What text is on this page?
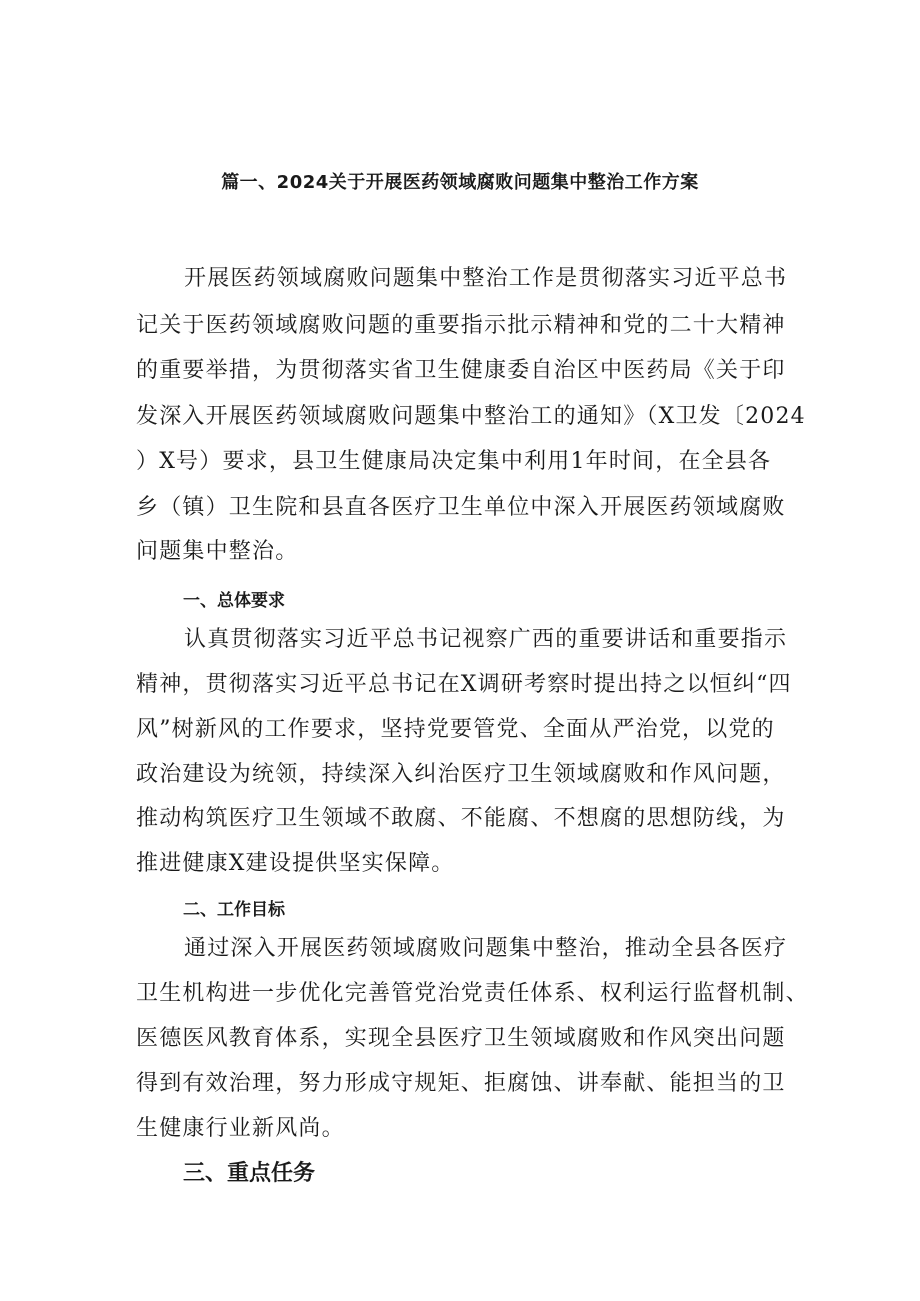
篇一、2024关于开展医药领域腐败问题集中整治工作方案
开展医药领域腐败问题集中整治工作是贯彻落实习近平总书
记关于医药领域腐败问题的重要指示批示精神和党的二十大精神
的重要举措，为贯彻落实省卫生健康委自治区中医药局《关于印
发深入开展医药领域腐败问题集中整治工的通知》（X卫发〔2024
）X号）要求，县卫生健康局决定集中利用1年时间，在全县各
乡（镇）卫生院和县直各医疗卫生单位中深入开展医药领域腐败
问题集中整治。
一、总体要求
认真贯彻落实习近平总书记视察广西的重要讲话和重要指示
精神，贯彻落实习近平总书记在X调研考察时提出持之以恒纠“四
风”树新风的工作要求，坚持党要管党、全面从严治党，以党的
政治建设为统领，持续深入纠治医疗卫生领域腐败和作风问题，
推动构筑医疗卫生领域不敢腐、不能腐、不想腐的思想防线，为
推进健康X建设提供坚实保障。
二、工作目标
通过深入开展医药领域腐败问题集中整治，推动全县各医疗
卫生机构进一步优化完善管党治党责任体系、权利运行监督机制、
医德医风教育体系，实现全县医疗卫生领域腐败和作风突出问题
得到有效治理，努力形成守规矩、拒腐蚀、讲奉献、能担当的卫
生健康行业新风尚。
三、重点任务
